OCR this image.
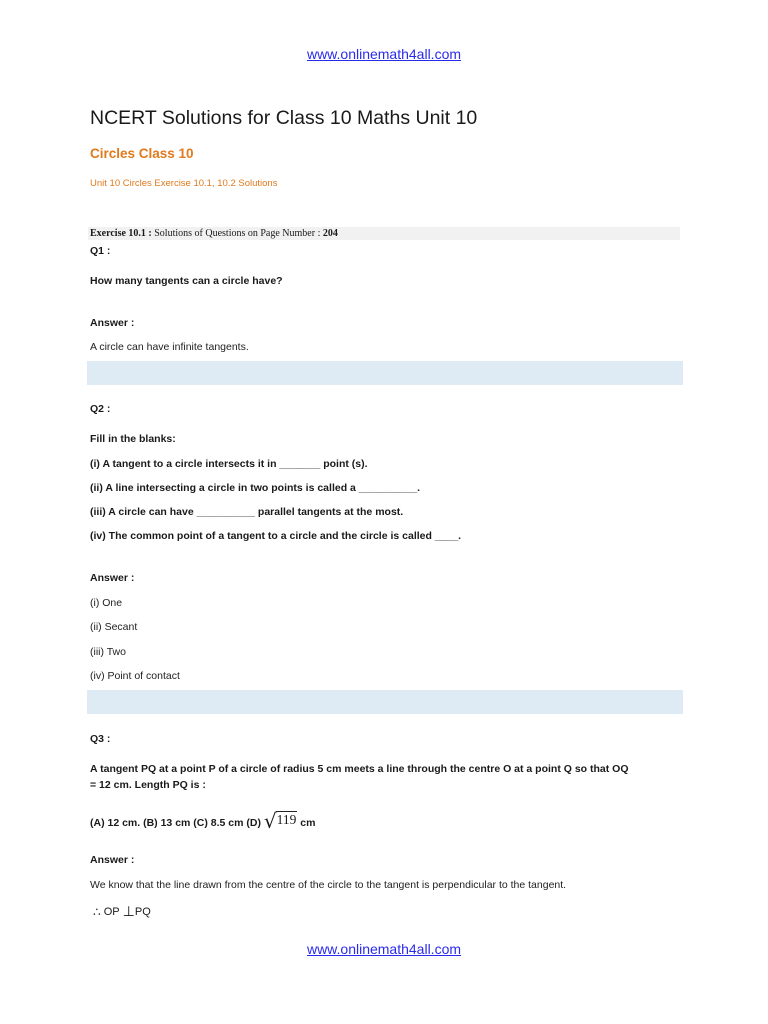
www.onlinemath4all.com
NCERT Solutions for Class 10 Maths Unit 10
Circles Class 10
Unit 10 Circles Exercise 10.1, 10.2 Solutions
Exercise 10.1 : Solutions of Questions on Page Number : 204
Q1 :
How many tangents can a circle have?
Answer :
A circle can have infinite tangents.
Q2 :
Fill in the blanks:
(i) A tangent to a circle intersects it in _______ point (s).
(ii) A line intersecting a circle in two points is called a __________.
(iii) A circle can have __________ parallel tangents at the most.
(iv) The common point of a tangent to a circle and the circle is called ____.
Answer :
(i) One
(ii) Secant
(iii) Two
(iv) Point of contact
Q3 :
A tangent PQ at a point P of a circle of radius 5 cm meets a line through the centre O at a point Q so that OQ
= 12 cm. Length PQ is :
(A) 12 cm. (B) 13 cm (C) 8.5 cm (D) √119 cm
Answer :
We know that the line drawn from the centre of the circle to the tangent is perpendicular to the tangent.
∴ OP ⊥PQ
www.onlinemath4all.com
